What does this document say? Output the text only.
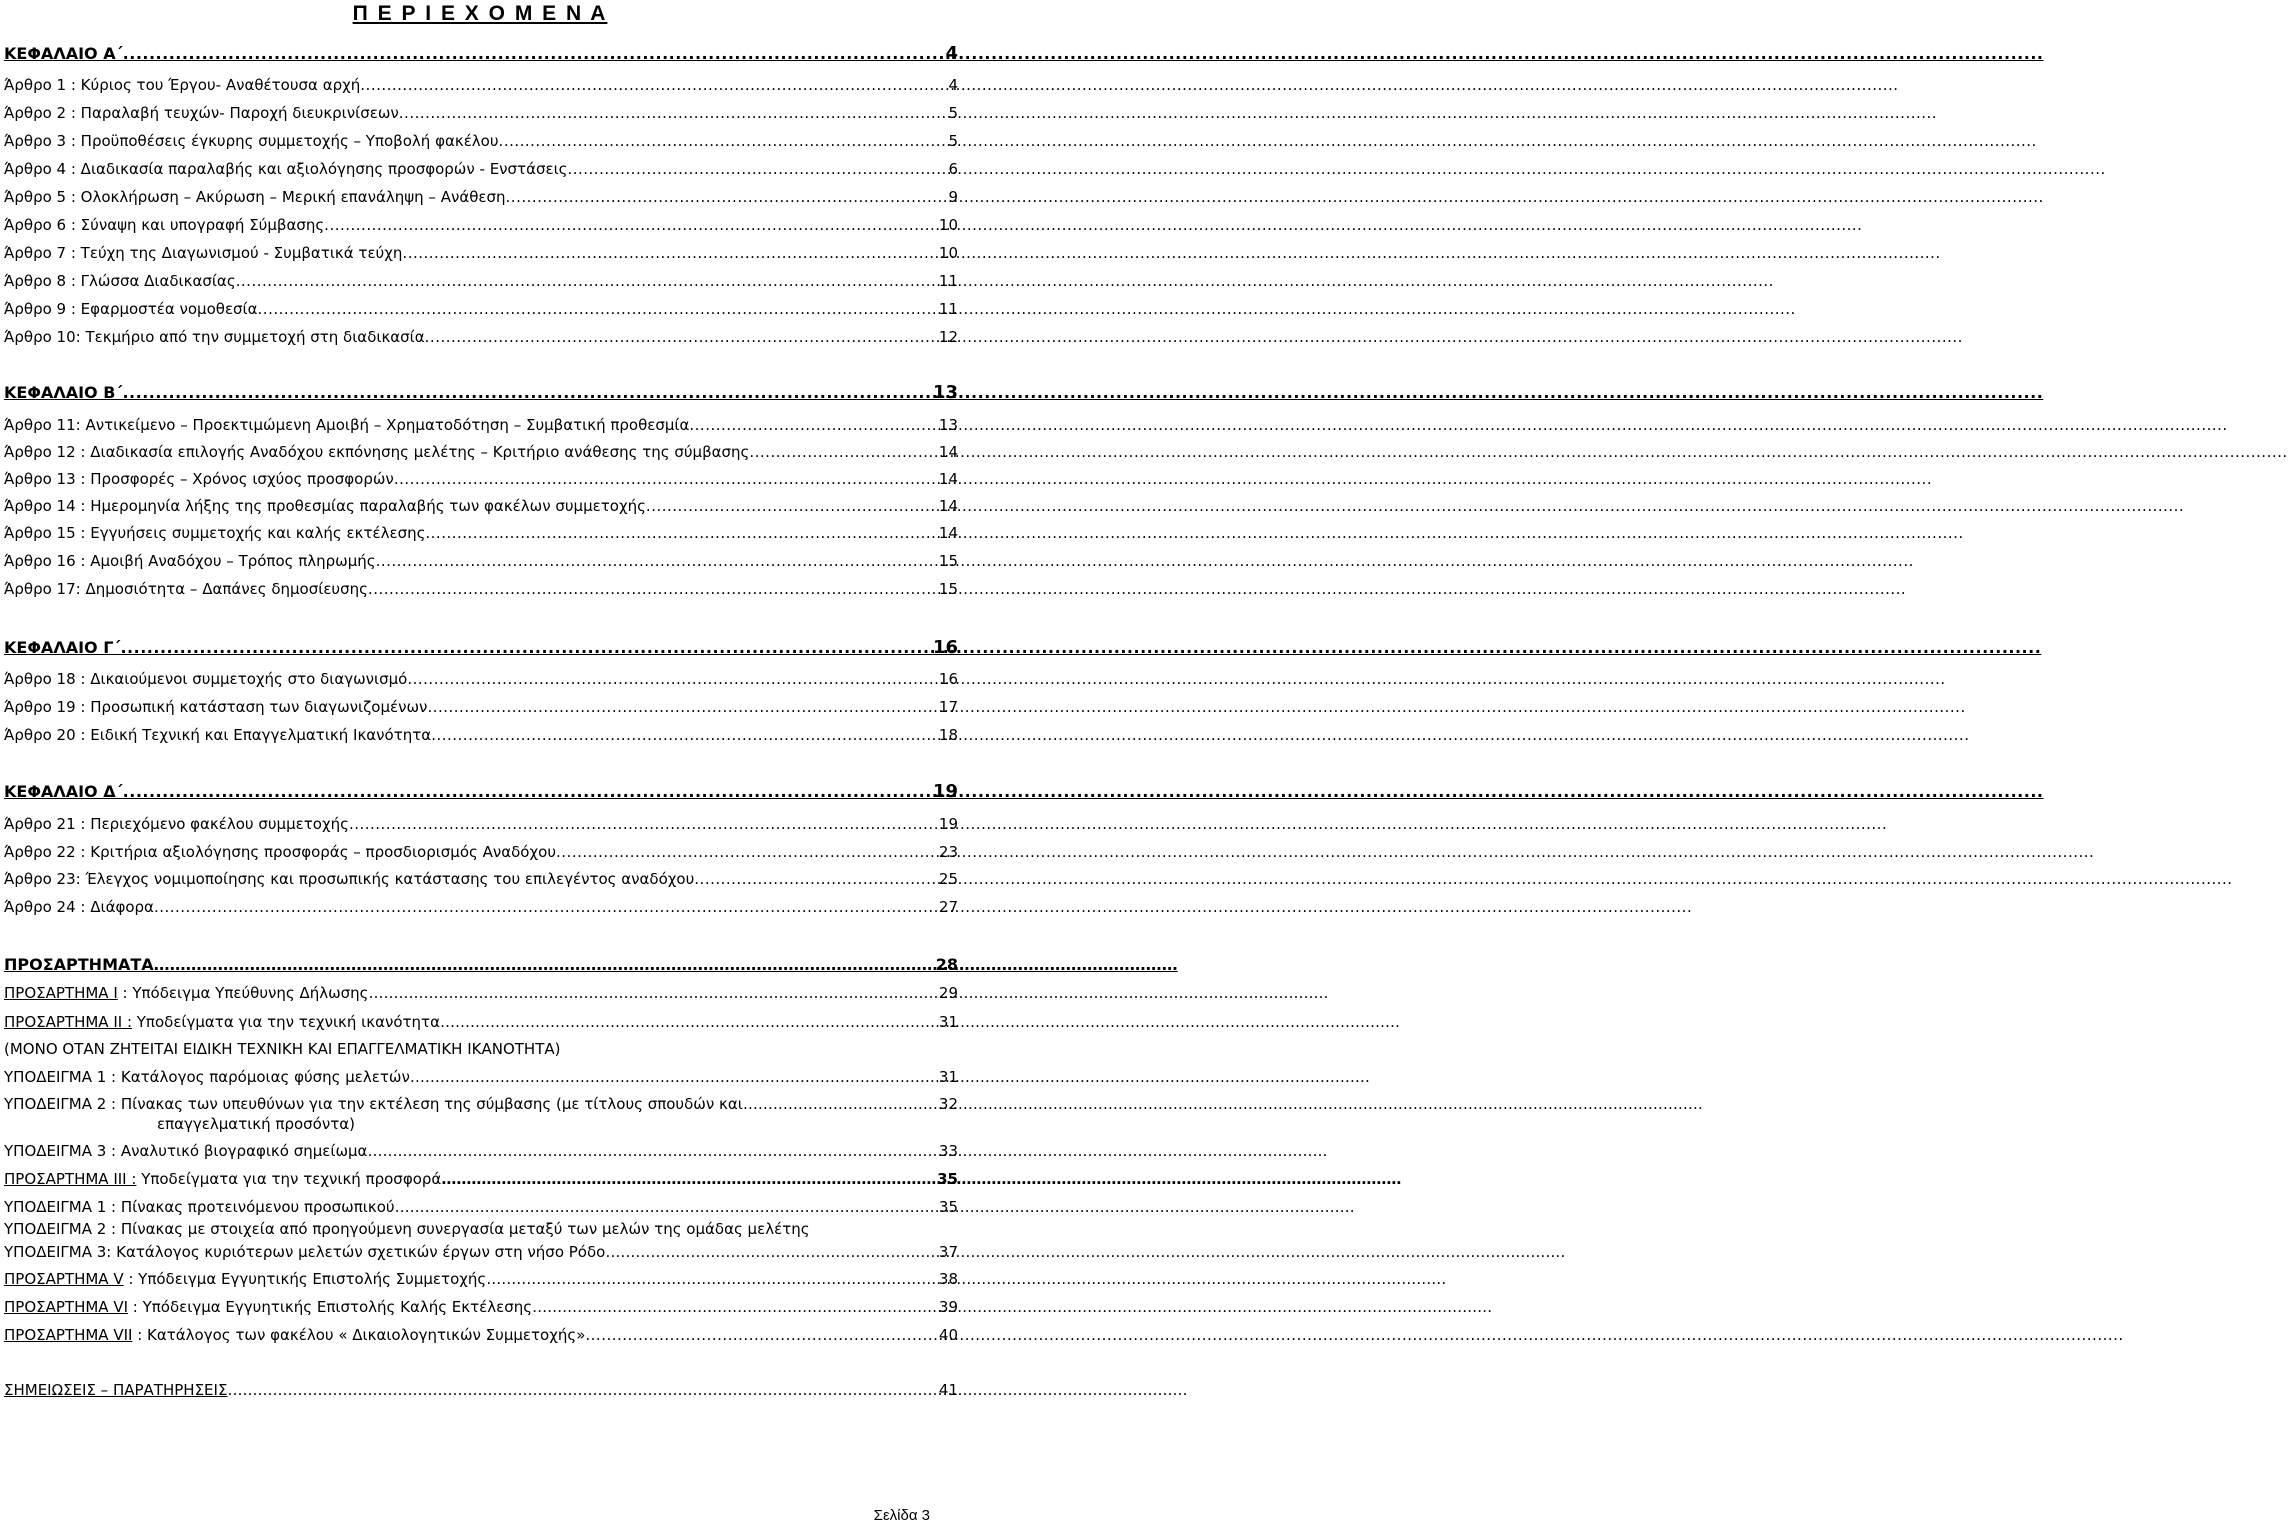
Π Ε Ρ Ι Ε Χ Ο Μ Ε Ν Α
ΚΕΦΑΛΑΙΟ Α΄ .....	4
Άρθρο 1 : Κύριος του Έργου- Αναθέτουσα αρχή .....	4
Άρθρο 2 : Παραλαβή τευχών- Παροχή διευκρινίσεων .....	5
Άρθρο 3 : Προϋποθέσεις έγκυρης συμμετοχής – Υποβολή φακέλου .....	5
Άρθρο 4 : Διαδικασία παραλαβής και αξιολόγησης προσφορών - Ενστάσεις .....	6
Άρθρο 5 : Ολοκλήρωση – Ακύρωση – Μερική επανάληψη – Ανάθεση .....	9
Άρθρο 6 : Σύναψη και υπογραφή Σύμβασης .....	10
Άρθρο 7 : Τεύχη της Διαγωνισμού - Συμβατικά τεύχη .....	10
Άρθρο 8 : Γλώσσα Διαδικασίας .....	11
Άρθρο 9 : Εφαρμοστέα νομοθεσία .....	11
Άρθρο 10: Τεκμήριο από την συμμετοχή στη διαδικασία .....	12
ΚΕΦΑΛΑΙΟ Β΄ .....	13
Άρθρο 11: Αντικείμενο – Προεκτιμώμενη Αμοιβή – Χρηματοδότηση – Συμβατική προθεσμία .....	13
Άρθρο 12 : Διαδικασία επιλογής Αναδόχου εκπόνησης μελέτης – Κριτήριο ανάθεσης της σύμβασης .....	14
Άρθρο 13 : Προσφορές – Χρόνος ισχύος προσφορών .....	14
Άρθρο 14 : Ημερομηνία λήξης της προθεσμίας παραλαβής των φακέλων συμμετοχής .....	14
Άρθρο 15 : Εγγυήσεις συμμετοχής και καλής εκτέλεσης .....	14
Άρθρο 16 : Αμοιβή Αναδόχου – Τρόπος πληρωμής .....	15
Άρθρο 17: Δημοσιότητα – Δαπάνες δημοσίευσης .....	15
ΚΕΦΑΛΑΙΟ Γ΄ .....	16
Άρθρο 18 : Δικαιούμενοι συμμετοχής στο διαγωνισμό .....	16
Άρθρο 19 : Προσωπική κατάσταση των διαγωνιζομένων .....	17
Άρθρο 20 : Ειδική Τεχνική και Επαγγελματική Ικανότητα .....	18
ΚΕΦΑΛΑΙΟ Δ΄ .....	19
Άρθρο 21 : Περιεχόμενο φακέλου συμμετοχής .....	19
Άρθρο 22 : Κριτήρια αξιολόγησης προσφοράς – προσδιορισμός Αναδόχου .....	23
Άρθρο 23: Έλεγχος νομιμοποίησης και προσωπικής κατάστασης του επιλεγέντος αναδόχου .....	25
Άρθρο 24 : Διάφορα .....	27
ΠΡΟΣΑΡΤΗΜΑΤΑ …………………………………………………………………………………………………………………………………………………………………………	28
ΠΡΟΣΑΡΤΗΜΑ Ι : Υπόδειγμα Υπεύθυνης Δήλωσης …………………………………………………………………………………………………………………………………………………………………………	29
ΠΡΟΣΑΡΤΗΜΑ ΙΙ : Υποδείγματα για την τεχνική ικανότητα …………………………………………………………………………………………………………………………………………………………………………	31
(ΜΟΝΟ ΟΤΑΝ ΖΗΤΕΙΤΑΙ ΕΙΔΙΚΗ ΤΕΧΝΙΚΗ ΚΑΙ ΕΠΑΓΓΕΛΜΑΤΙΚΗ ΙΚΑΝΟΤΗΤΑ)
ΥΠΟΔΕΙΓΜΑ 1 : Κατάλογος παρόμοιας φύσης μελετών …………………………………………………………………………………………………………………………………………………………………………	31
ΥΠΟΔΕΙΓΜΑ 2 : Πίνακας των υπευθύνων για την εκτέλεση της σύμβασης (με τίτλους σπουδών και …………………………………………………………………………………………………………………………………………………………………………	32
επαγγελματική προσόντα)
ΥΠΟΔΕΙΓΜΑ 3 : Αναλυτικό βιογραφικό σημείωμα …………………………………………………………………………………………………………………………………………………………………………	33
ΠΡΟΣΑΡΤΗΜΑ ΙΙΙ : Υποδείγματα για την τεχνική προσφορά …………………………………………………………………………………………………………………………………………………………………………	35
ΥΠΟΔΕΙΓΜΑ 1 : Πίνακας προτεινόμενου προσωπικού …………………………………………………………………………………………………………………………………………………………………………	35
ΥΠΟΔΕΙΓΜΑ 2 : Πίνακας με στοιχεία από προηγούμενη συνεργασία μεταξύ των μελών της ομάδας μελέτης
ΥΠΟΔΕΙΓΜΑ 3: Κατάλογος κυριότερων μελετών σχετικών έργων στη νήσο Ρόδο …………………………………………………………………………………………………………………………………………………………………………	37
ΠΡΟΣΑΡΤΗΜΑ V : Υπόδειγμα Εγγυητικής Επιστολής Συμμετοχής …………………………………………………………………………………………………………………………………………………………………………	38
ΠΡΟΣΑΡΤΗΜΑ VI : Υπόδειγμα Εγγυητικής Επιστολής Καλής Εκτέλεσης …………………………………………………………………………………………………………………………………………………………………………	39
ΠΡΟΣΑΡΤΗΜΑ VII : Κατάλογος των φακέλου « Δικαιολογητικών Συμμετοχής» .....	40
ΣΗΜΕΙΩΣΕΙΣ – ΠΑΡΑΤΗΡΗΣΕΙΣ …………………………………………………………………………………………………………………………………………………………………………	41
Σελίδα 3
